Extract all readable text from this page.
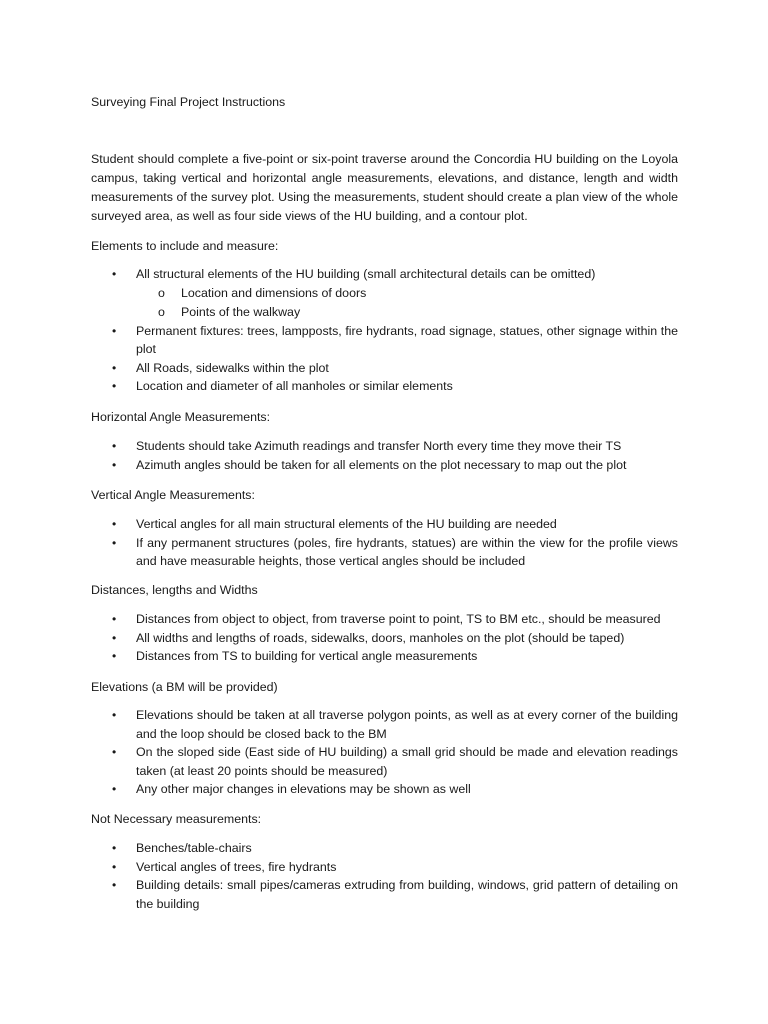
Surveying Final Project Instructions
Student should complete a five-point or six-point traverse around the Concordia HU building on the Loyola campus, taking vertical and horizontal angle measurements, elevations, and distance, length and width measurements of the survey plot. Using the measurements, student should create a plan view of the whole surveyed area, as well as four side views of the HU building, and a contour plot.
Elements to include and measure:
• All structural elements of the HU building (small architectural details can be omitted)
o Location and dimensions of doors
o Points of the walkway
• Permanent fixtures: trees, lampposts, fire hydrants, road signage, statues, other signage within the plot
• All Roads, sidewalks within the plot
• Location and diameter of all manholes or similar elements
Horizontal Angle Measurements:
• Students should take Azimuth readings and transfer North every time they move their TS
• Azimuth angles should be taken for all elements on the plot necessary to map out the plot
Vertical Angle Measurements:
• Vertical angles for all main structural elements of the HU building are needed
• If any permanent structures (poles, fire hydrants, statues) are within the view for the profile views and have measurable heights, those vertical angles should be included
Distances, lengths and Widths
• Distances from object to object, from traverse point to point, TS to BM etc., should be measured
• All widths and lengths of roads, sidewalks, doors, manholes on the plot (should be taped)
• Distances from TS to building for vertical angle measurements
Elevations (a BM will be provided)
• Elevations should be taken at all traverse polygon points, as well as at every corner of the building and the loop should be closed back to the BM
• On the sloped side (East side of HU building) a small grid should be made and elevation readings taken (at least 20 points should be measured)
• Any other major changes in elevations may be shown as well
Not Necessary measurements:
• Benches/table-chairs
• Vertical angles of trees, fire hydrants
• Building details: small pipes/cameras extruding from building, windows, grid pattern of detailing on the building
